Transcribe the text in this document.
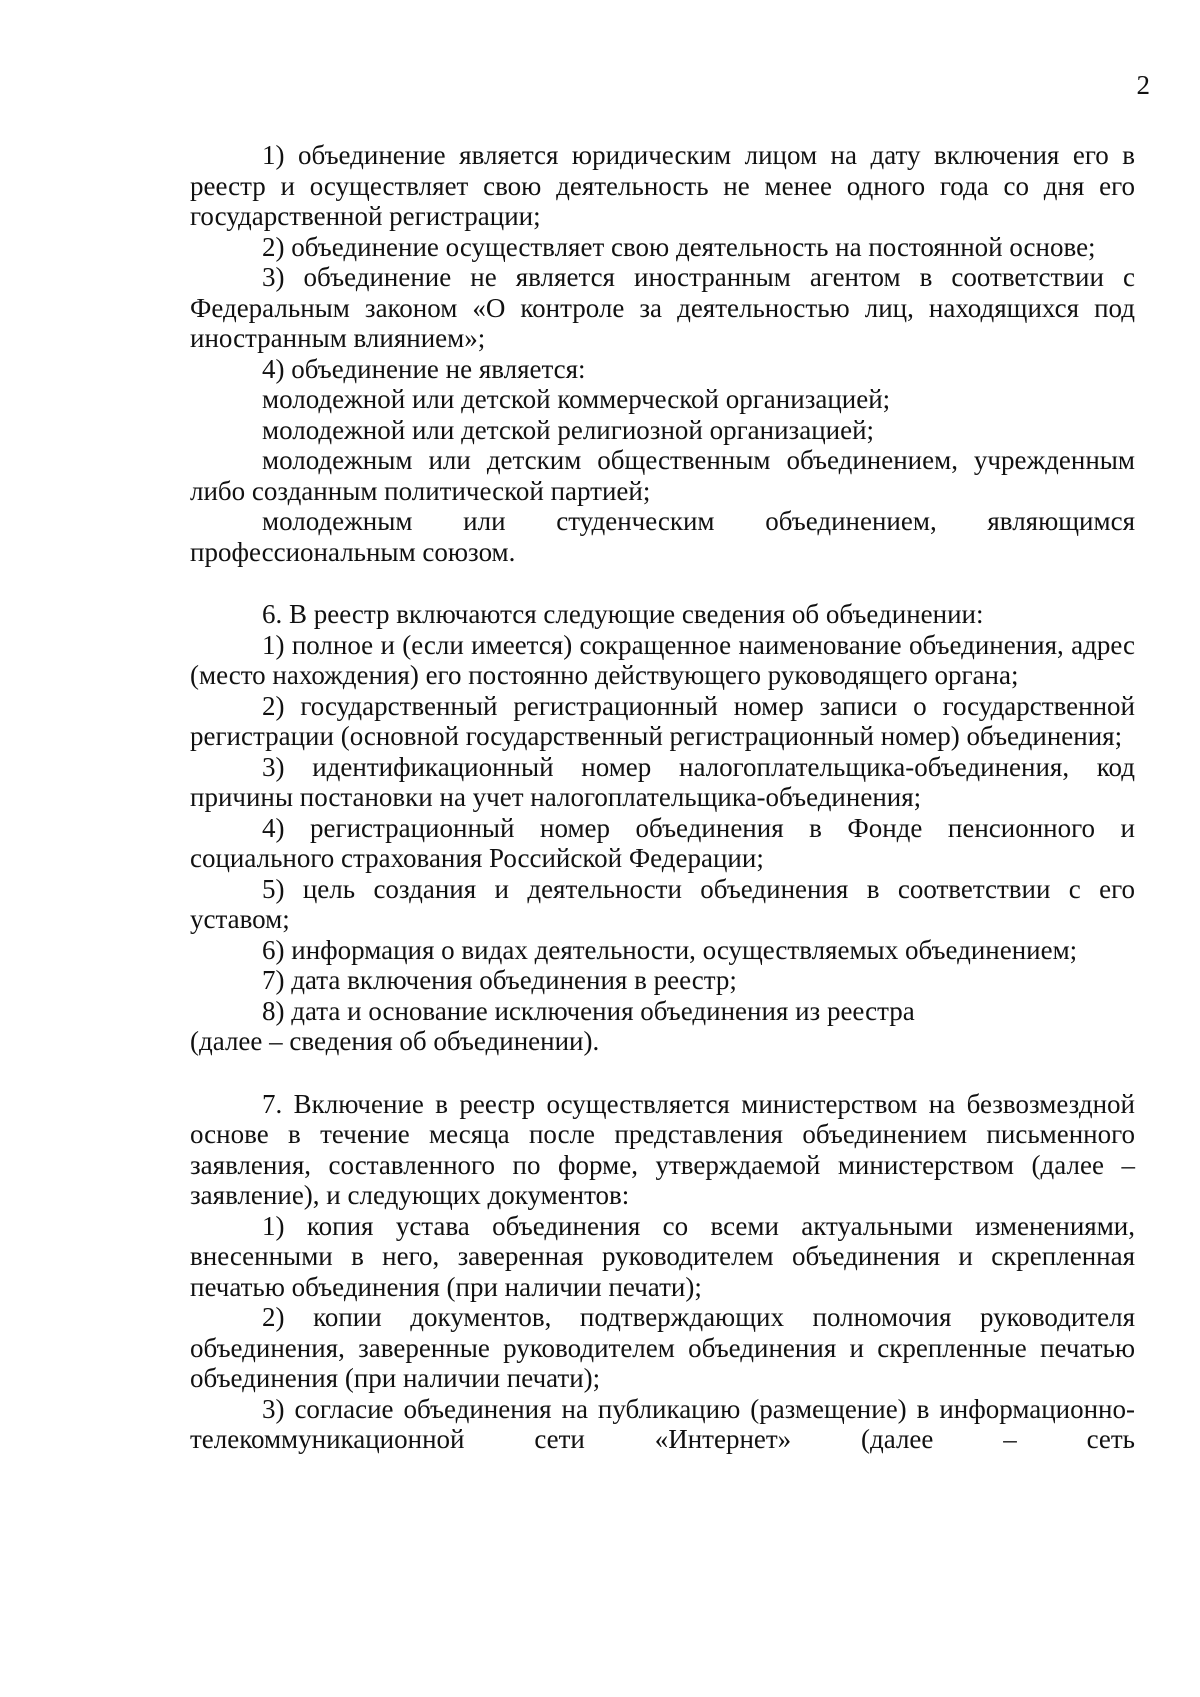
2

1) объединение является юридическим лицом на дату включения его в реестр и осуществляет свою деятельность не менее одного года со дня его государственной регистрации;

2) объединение осуществляет свою деятельность на постоянной основе;

3) объединение не является иностранным агентом в соответствии с Федеральным законом «О контроле за деятельностью лиц, находящихся под иностранным влиянием»;

4) объединение не является:

молодежной или детской коммерческой организацией;

молодежной или детской религиозной организацией;

молодежным или детским общественным объединением, учрежденным либо созданным политической партией;

молодежным или студенческим объединением, являющимся профессиональным союзом.

6. В реестр включаются следующие сведения об объединении:

1) полное и (если имеется) сокращенное наименование объединения, адрес (место нахождения) его постоянно действующего руководящего органа;

2) государственный регистрационный номер записи о государственной регистрации (основной государственный регистрационный номер) объединения;

3) идентификационный номер налогоплательщика-объединения, код причины постановки на учет налогоплательщика-объединения;

4) регистрационный номер объединения в Фонде пенсионного и социального страхования Российской Федерации;

5) цель создания и деятельности объединения в соответствии с его уставом;

6) информация о видах деятельности, осуществляемых объединением;

7) дата включения объединения в реестр;

8) дата и основание исключения объединения из реестра

(далее – сведения об объединении).

7. Включение в реестр осуществляется министерством на безвозмездной основе в течение месяца после представления объединением письменного заявления, составленного по форме, утверждаемой министерством (далее – заявление), и следующих документов:

1) копия устава объединения со всеми актуальными изменениями, внесенными в него, заверенная руководителем объединения и скрепленная печатью объединения (при наличии печати);

2) копии документов, подтверждающих полномочия руководителя объединения, заверенные руководителем объединения и скрепленные печатью объединения (при наличии печати);

3) согласие объединения на публикацию (размещение) в информационно-телекоммуникационной сети «Интернет» (далее – сеть
